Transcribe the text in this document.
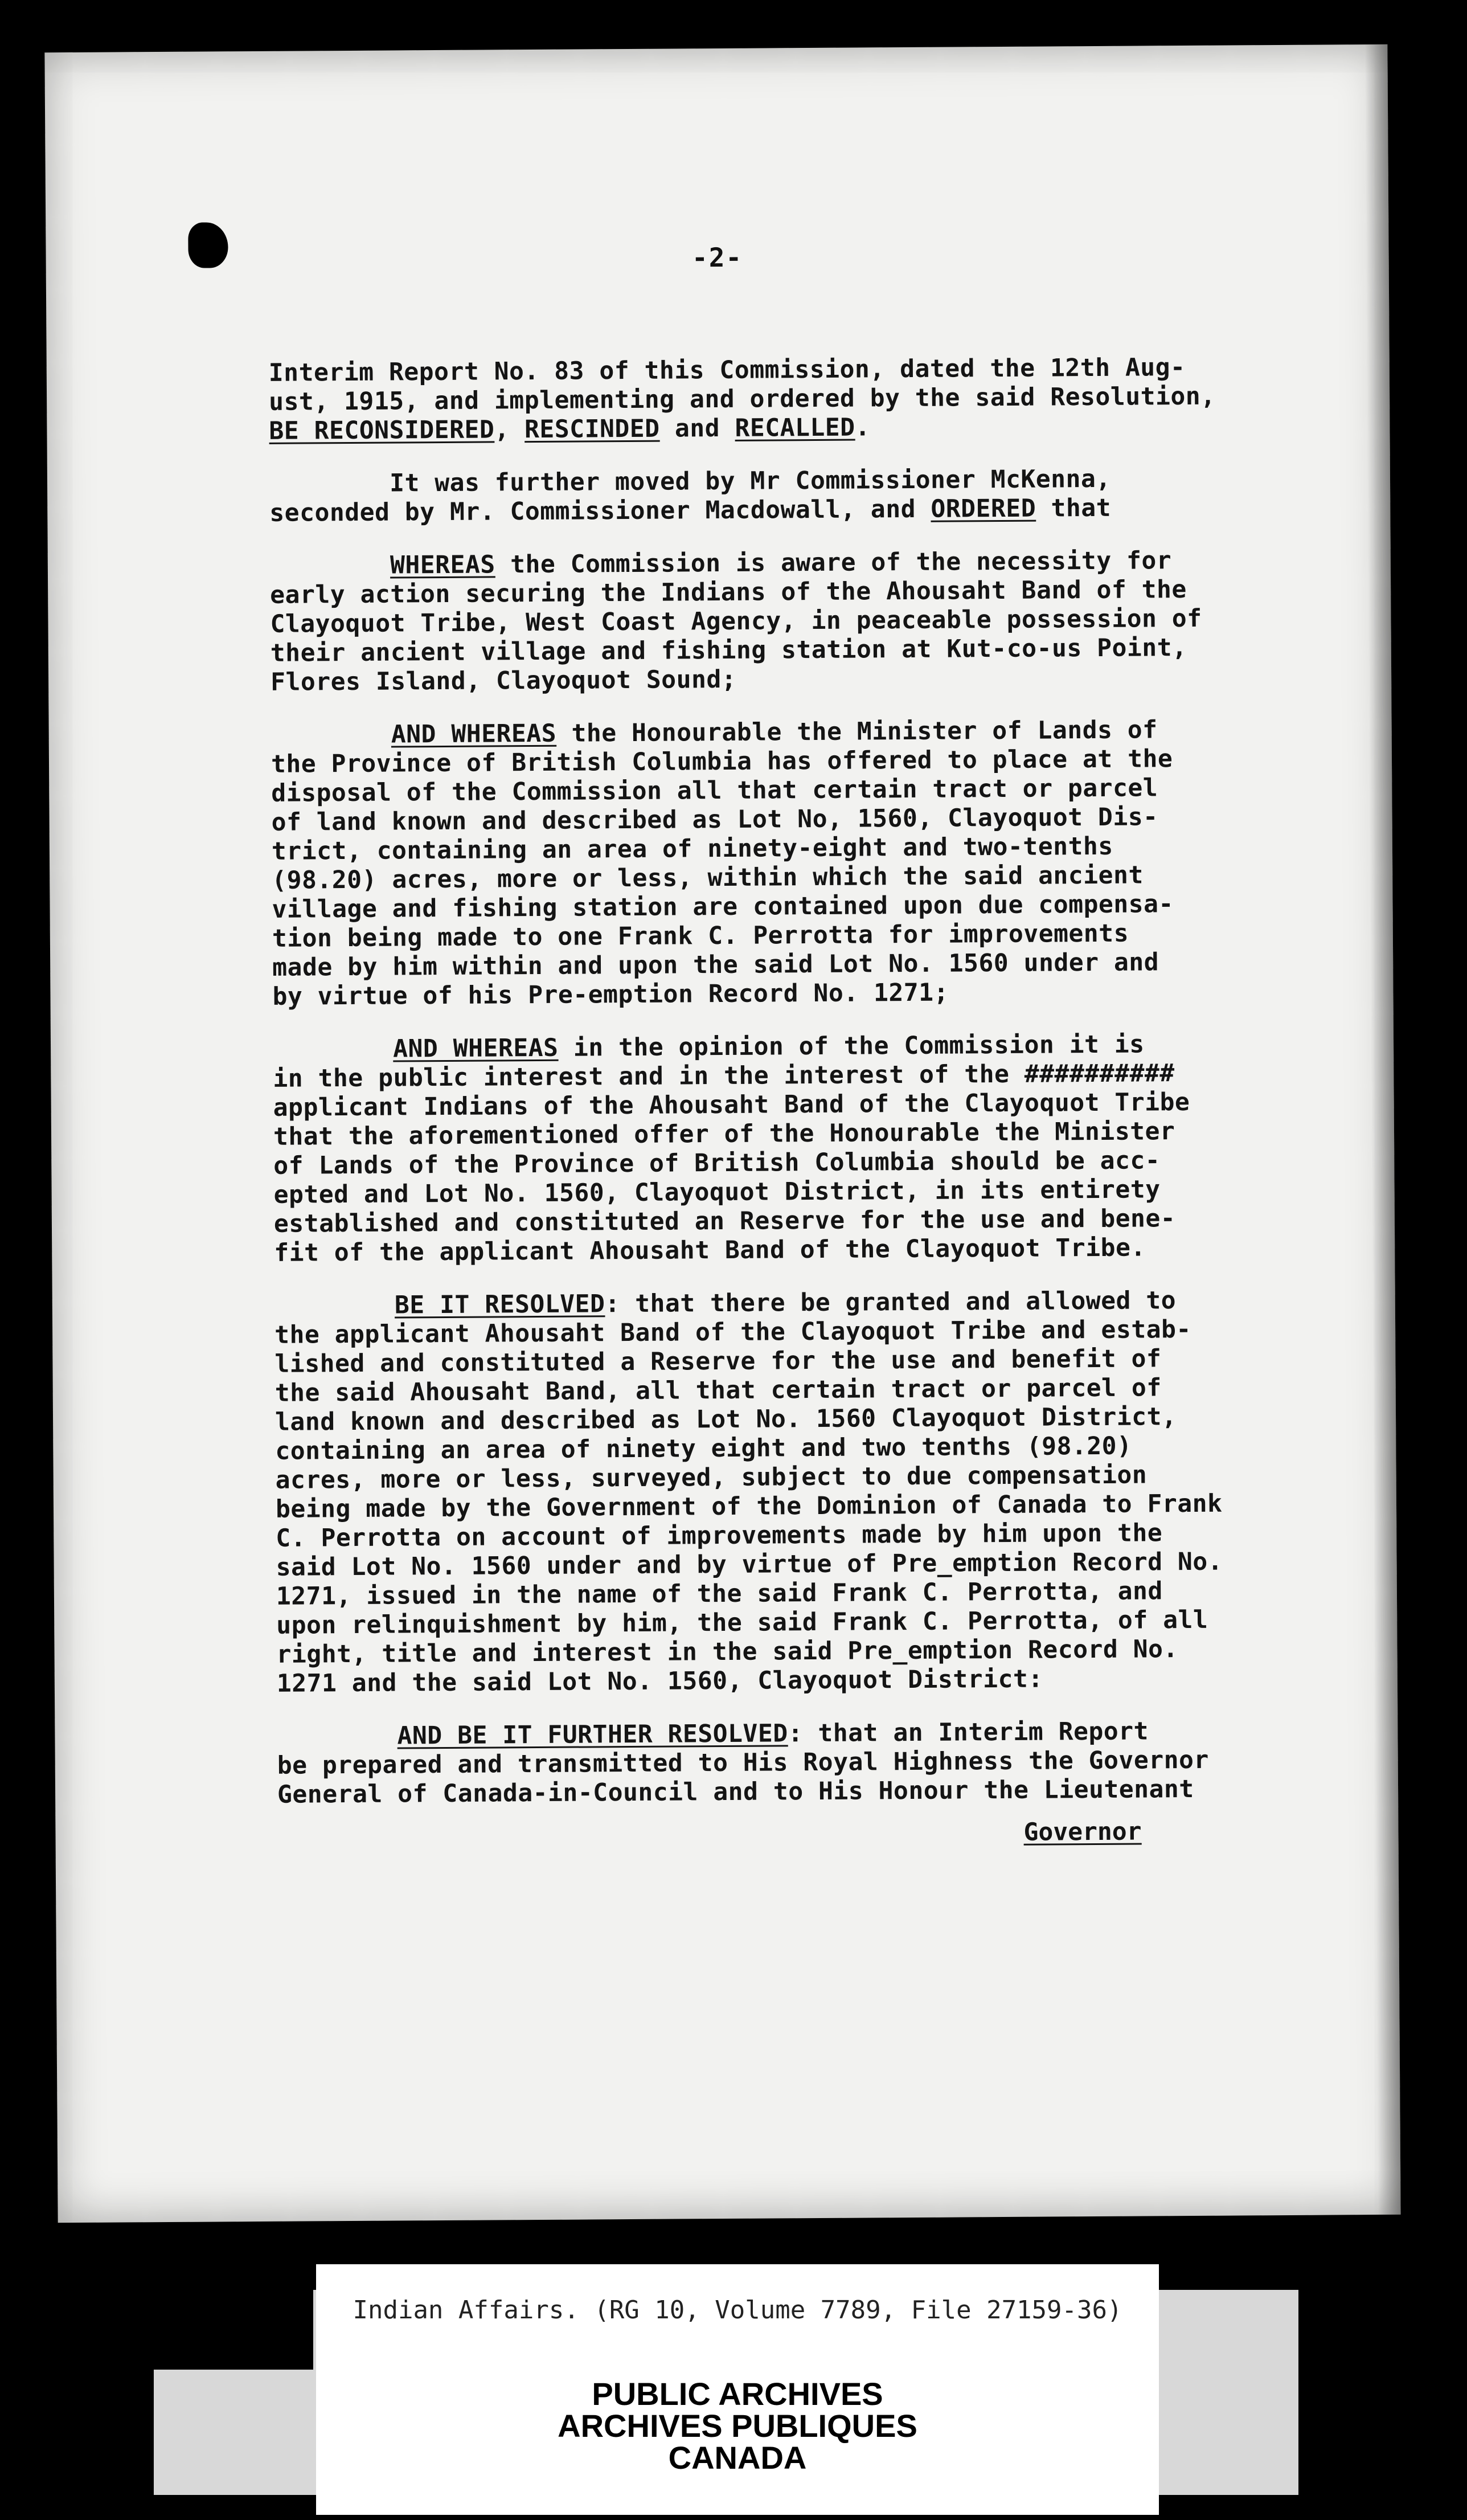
-2-
Interim Report No. 83 of this Commission, dated the 12th Aug-
ust, 1915, and implementing and ordered by the said Resolution,
BE RECONSIDERED, RESCINDED and RECALLED.
It was further moved by Mr Commissioner McKenna,
seconded by Mr. Commissioner Macdowall, and ORDERED that
WHEREAS the Commission is aware of the necessity for
early action securing the Indians of the Ahousaht Band of the
Clayoquot Tribe, West Coast Agency, in peaceable possession of
their ancient village and fishing station at Kut-co-us Point,
Flores Island, Clayoquot Sound;
AND WHEREAS the Honourable the Minister of Lands of
the Province of British Columbia has offered to place at the
disposal of the Commission all that certain tract or parcel
of land known and described as Lot No, 1560, Clayoquot Dis-
trict, containing an area of ninety-eight and two-tenths
(98.20) acres, more or less, within which the said ancient
village and fishing station are contained upon due compensa-
tion being made to one Frank C. Perrotta for improvements
made by him within and upon the said Lot No. 1560 under and
by virtue of his Pre-emption Record No. 1271;
AND WHEREAS in the opinion of the Commission it is
in the public interest and in the interest of the ##########
applicant Indians of the Ahousaht Band of the Clayoquot Tribe
that the aforementioned offer of the Honourable the Minister
of Lands of the Province of British Columbia should be acc-
epted and Lot No. 1560, Clayoquot District, in its entirety
established and constituted an Reserve for the use and bene-
fit of the applicant Ahousaht Band of the Clayoquot Tribe.
BE IT RESOLVED: that there be granted and allowed to
the applicant Ahousaht Band of the Clayoquot Tribe and estab-
lished and constituted a Reserve for the use and benefit of
the said Ahousaht Band, all that certain tract or parcel of
land known and described as Lot No. 1560 Clayoquot District,
containing an area of ninety eight and two tenths (98.20)
acres, more or less, surveyed, subject to due compensation
being made by the Government of the Dominion of Canada to Frank
C. Perrotta on account of improvements made by him upon the
said Lot No. 1560 under and by virtue of Pre_emption Record No.
1271, issued in the name of the said Frank C. Perrotta, and
upon relinquishment by him, the said Frank C. Perrotta, of all
right, title and interest in the said Pre_emption Record No.
1271 and the said Lot No. 1560, Clayoquot District:
AND BE IT FURTHER RESOLVED: that an Interim Report
be prepared and transmitted to His Royal Highness the Governor
General of Canada-in-Council and to His Honour the Lieutenant
Governor
Indian Affairs. (RG 10, Volume 7789, File 27159-36)
PUBLIC ARCHIVES
ARCHIVES PUBLIQUES
CANADA
